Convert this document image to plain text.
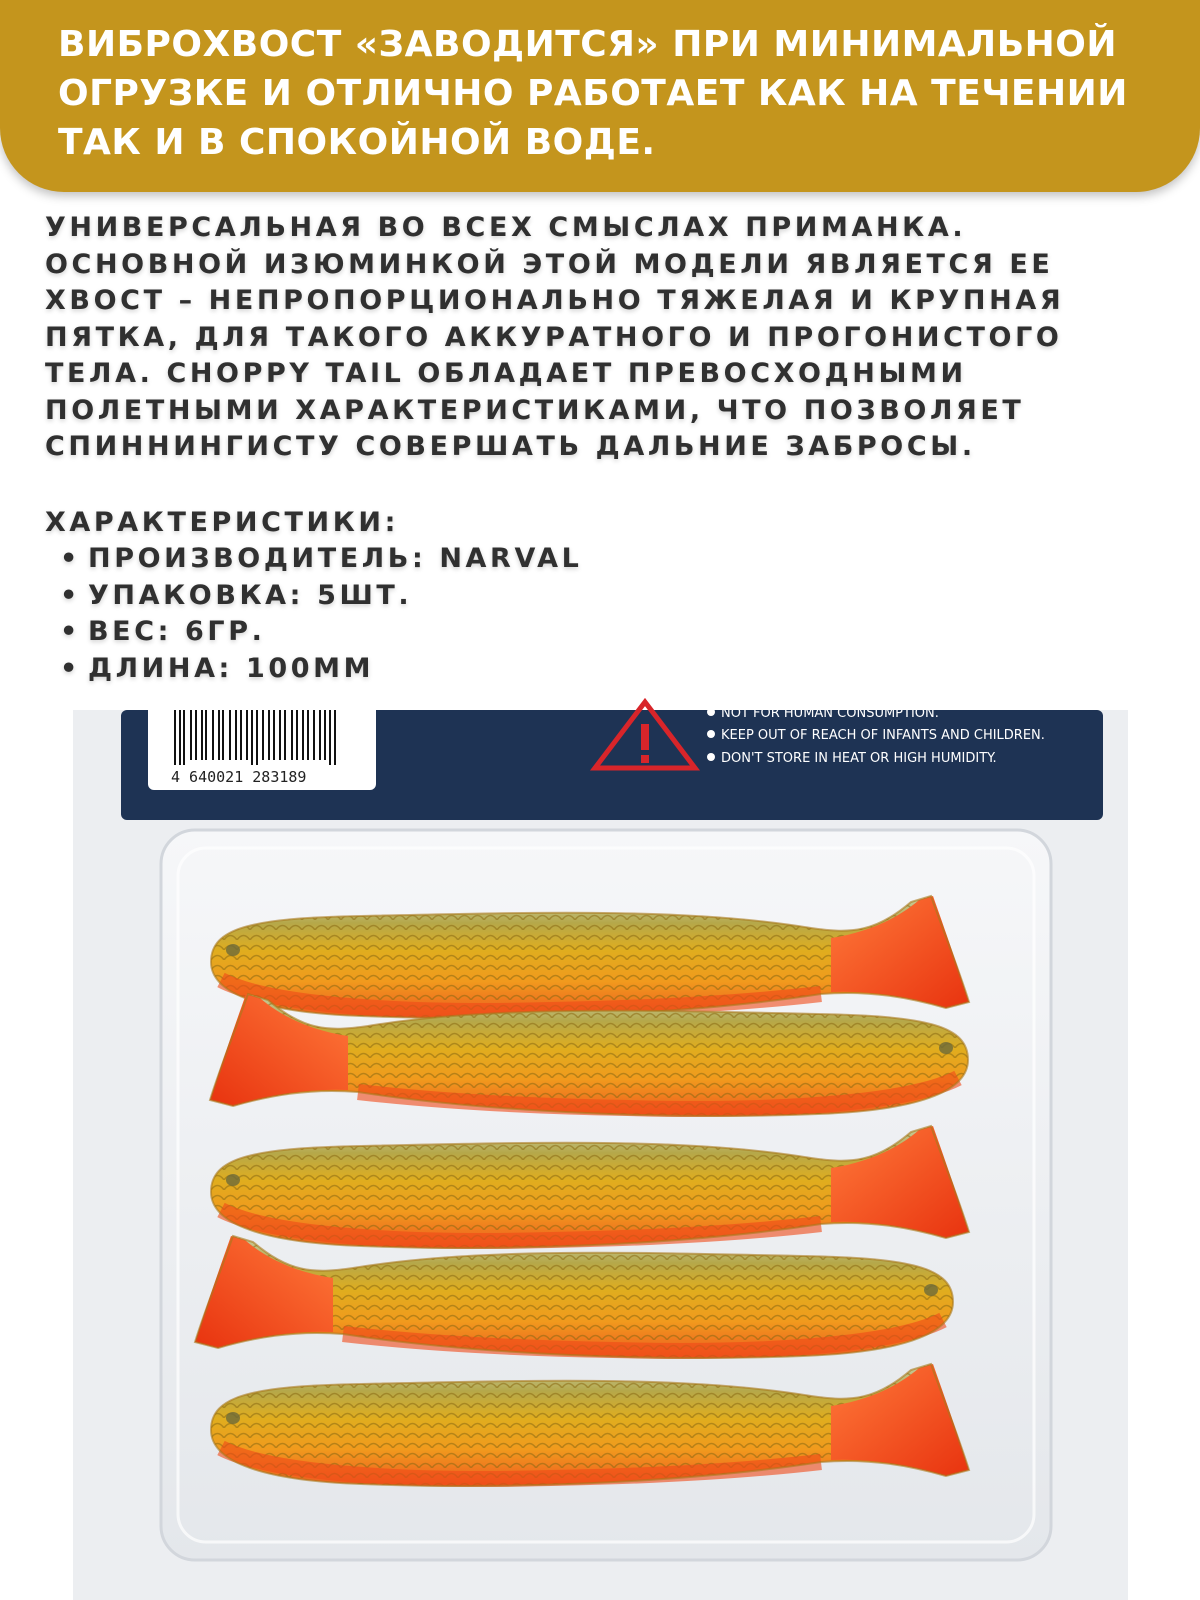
ВИБРОХВОСТ «ЗАВОДИТСЯ» ПРИ МИНИМАЛЬНОЙ
ОГРУЗКЕ И ОТЛИЧНО РАБОТАЕТ КАК НА ТЕЧЕНИИ
ТАК И В СПОКОЙНОЙ ВОДЕ.

УНИВЕРСАЛЬНАЯ ВО ВСЕХ СМЫСЛАХ ПРИМАНКА.
ОСНОВНОЙ ИЗЮМИНКОЙ ЭТОЙ МОДЕЛИ ЯВЛЯЕТСЯ ЕЕ
ХВОСТ – НЕПРОПОРЦИОНАЛЬНО ТЯЖЕЛАЯ И КРУПНАЯ
ПЯТКА, ДЛЯ ТАКОГО АККУРАТНОГО И ПРОГОНИСТОГО
ТЕЛА. CHOPPY TAIL ОБЛАДАЕТ ПРЕВОСХОДНЫМИ
ПОЛЕТНЫМИ ХАРАКТЕРИСТИКАМИ, ЧТО ПОЗВОЛЯЕТ
СПИННИНГИСТУ СОВЕРШАТЬ ДАЛЬНИЕ ЗАБРОСЫ.

ХАРАКТЕРИСТИКИ:

• ПРОИЗВОДИТЕЛЬ: NARVAL
• УПАКОВКА: 5ШТ.
• ВЕС: 6ГР.
• ДЛИНА: 100ММ
4 640021 283189
WARNING
NOT FOR HUMAN CONSUMPTION.
KEEP OUT OF REACH OF INFANTS AND CHILDREN.
DON'T STORE IN HEAT OR HIGH HUMIDITY.
